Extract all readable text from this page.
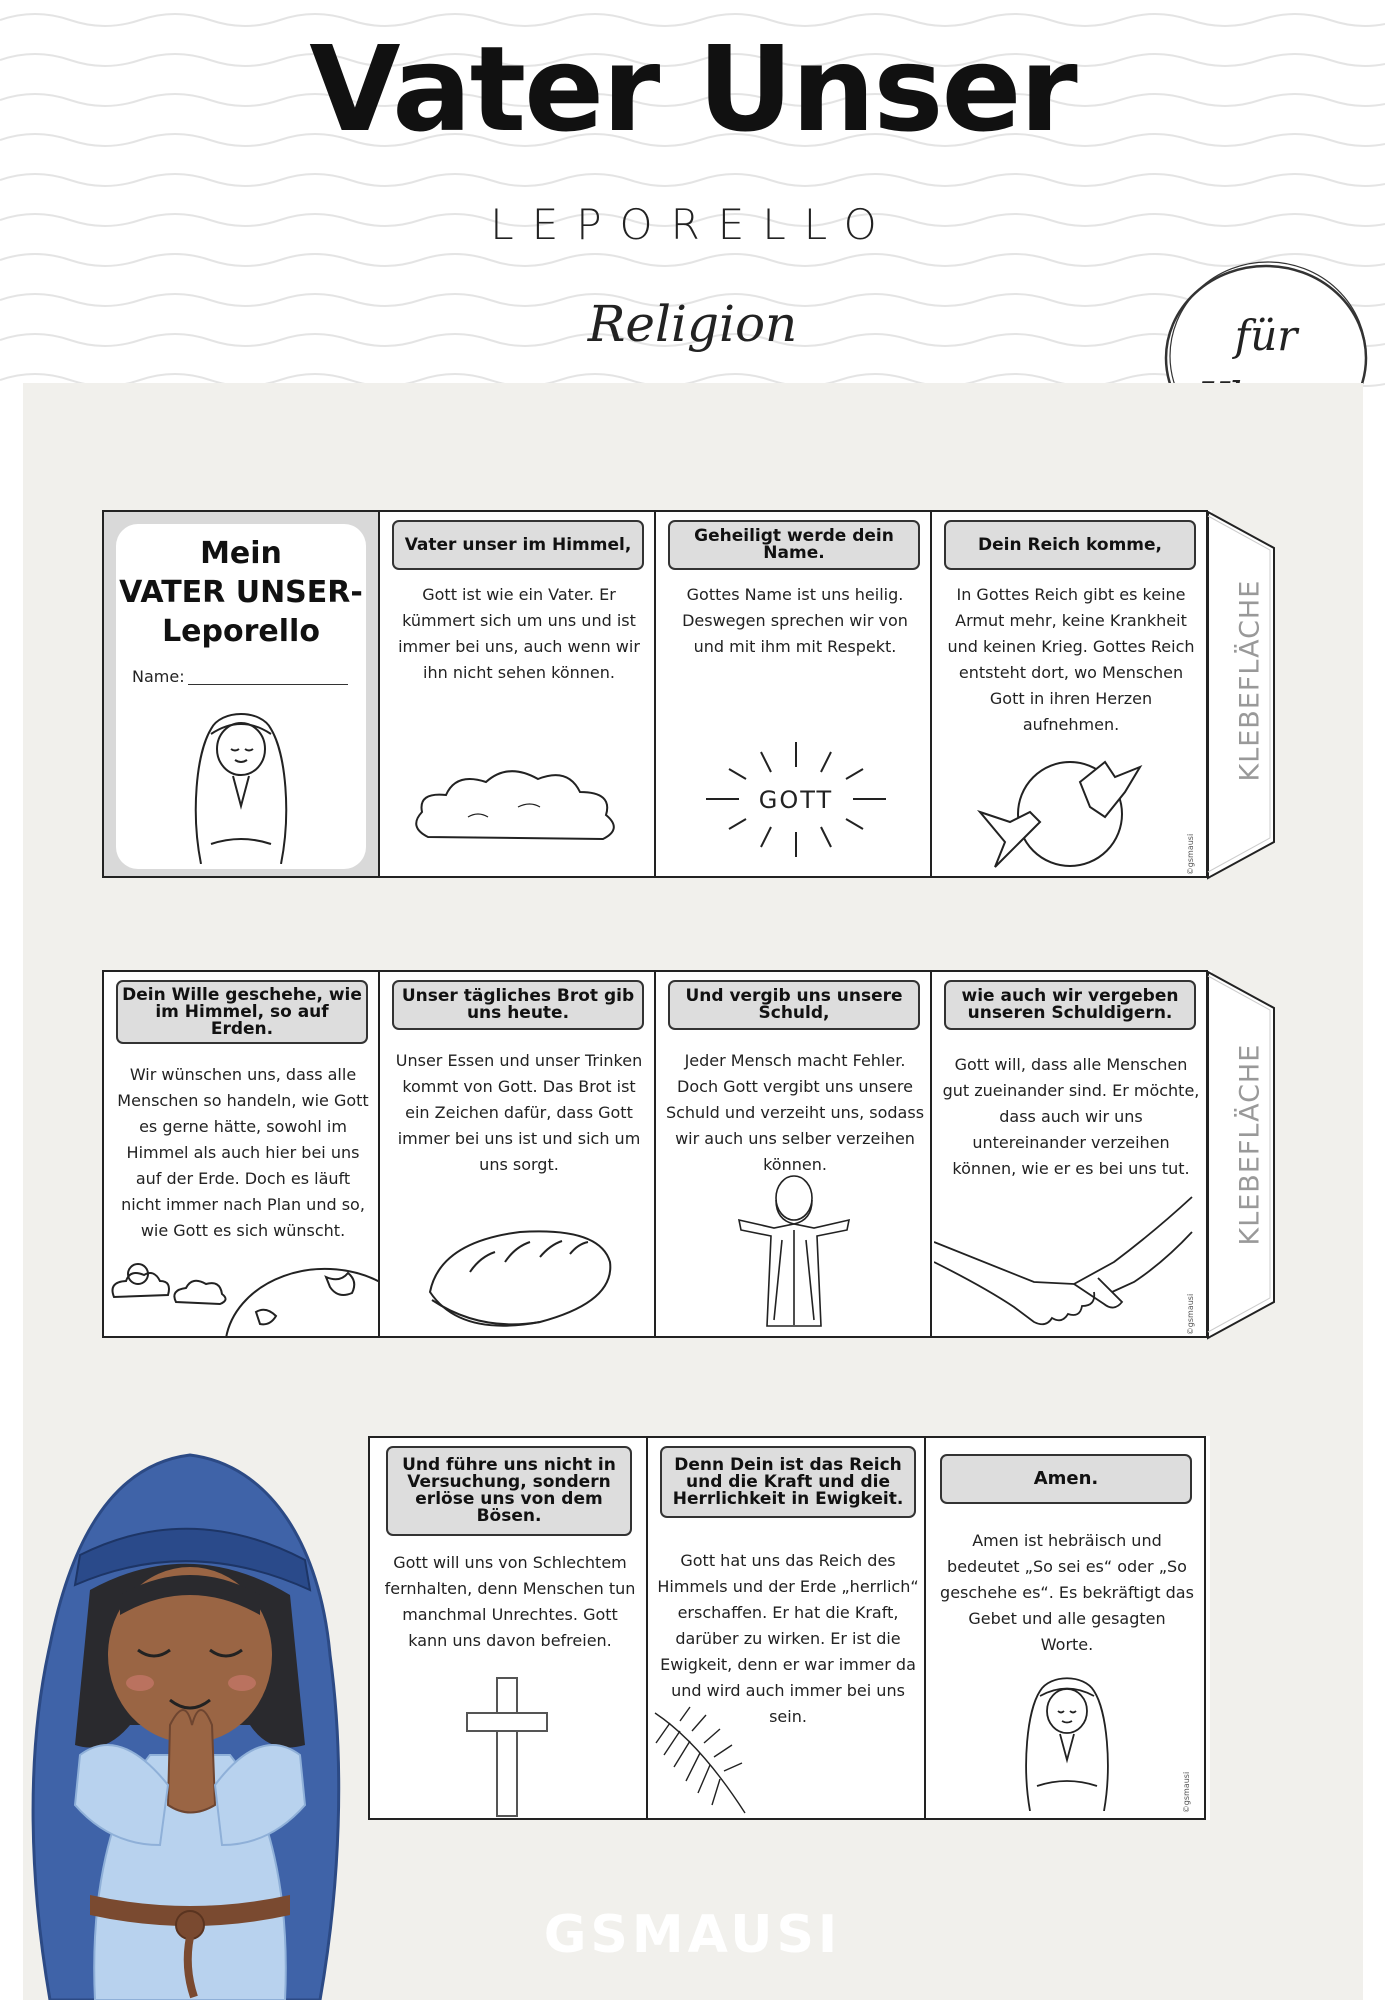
Vater Unser
LEPORELLO
Religion	für
Mein
VATER UNSER-
Leporello
Name:
Vater unser im Himmel,
Gott ist wie ein Vater. Er kümmert sich um uns und ist immer bei uns, auch wenn wir ihn nicht sehen können.
Geheiligt werde dein Name.
Gottes Name ist uns heilig. Deswegen sprechen wir von und mit ihm mit Respekt.
GOTT
Dein Reich komme,
In Gottes Reich gibt es keine Armut mehr, keine Krankheit und keinen Krieg. Gottes Reich entsteht dort, wo Menschen Gott in ihren Herzen aufnehmen.
©gsmausi
KLEBEFLÄCHE
Dein Wille geschehe, wie im Himmel, so auf Erden.
Wir wünschen uns, dass alle Menschen so handeln, wie Gott es gerne hätte, sowohl im Himmel als auch hier bei uns auf der Erde. Doch es läuft nicht immer nach Plan und so, wie Gott es sich wünscht.
Unser tägliches Brot gib uns heute.
Unser Essen und unser Trinken kommt von Gott. Das Brot ist ein Zeichen dafür, dass Gott immer bei uns ist und sich um uns sorgt.
Und vergib uns unsere Schuld,
Jeder Mensch macht Fehler. Doch Gott vergibt uns unsere Schuld und verzeiht uns, sodass wir auch uns selber verzeihen können.
wie auch wir vergeben unseren Schuldigern.
Gott will, dass alle Menschen gut zueinander sind. Er möchte, dass auch wir uns untereinander verzeihen können, wie er es bei uns tut.
©gsmausi
KLEBEFLÄCHE
Und führe uns nicht in Versuchung, sondern erlöse uns von dem Bösen.
Gott will uns von Schlechtem fernhalten, denn Menschen tun manchmal Unrechtes. Gott kann uns davon befreien.
Denn Dein ist das Reich und die Kraft und die Herrlichkeit in Ewigkeit.
Gott hat uns das Reich des Himmels und der Erde „herrlich“ erschaffen. Er hat die Kraft, darüber zu wirken. Er ist die Ewigkeit, denn er war immer da und wird auch immer bei uns sein.
Amen.
Amen ist hebräisch und bedeutet „So sei es“ oder „So geschehe es“. Es bekräftigt das Gebet und alle gesagten Worte.
©gsmausi
GSMAUSI
